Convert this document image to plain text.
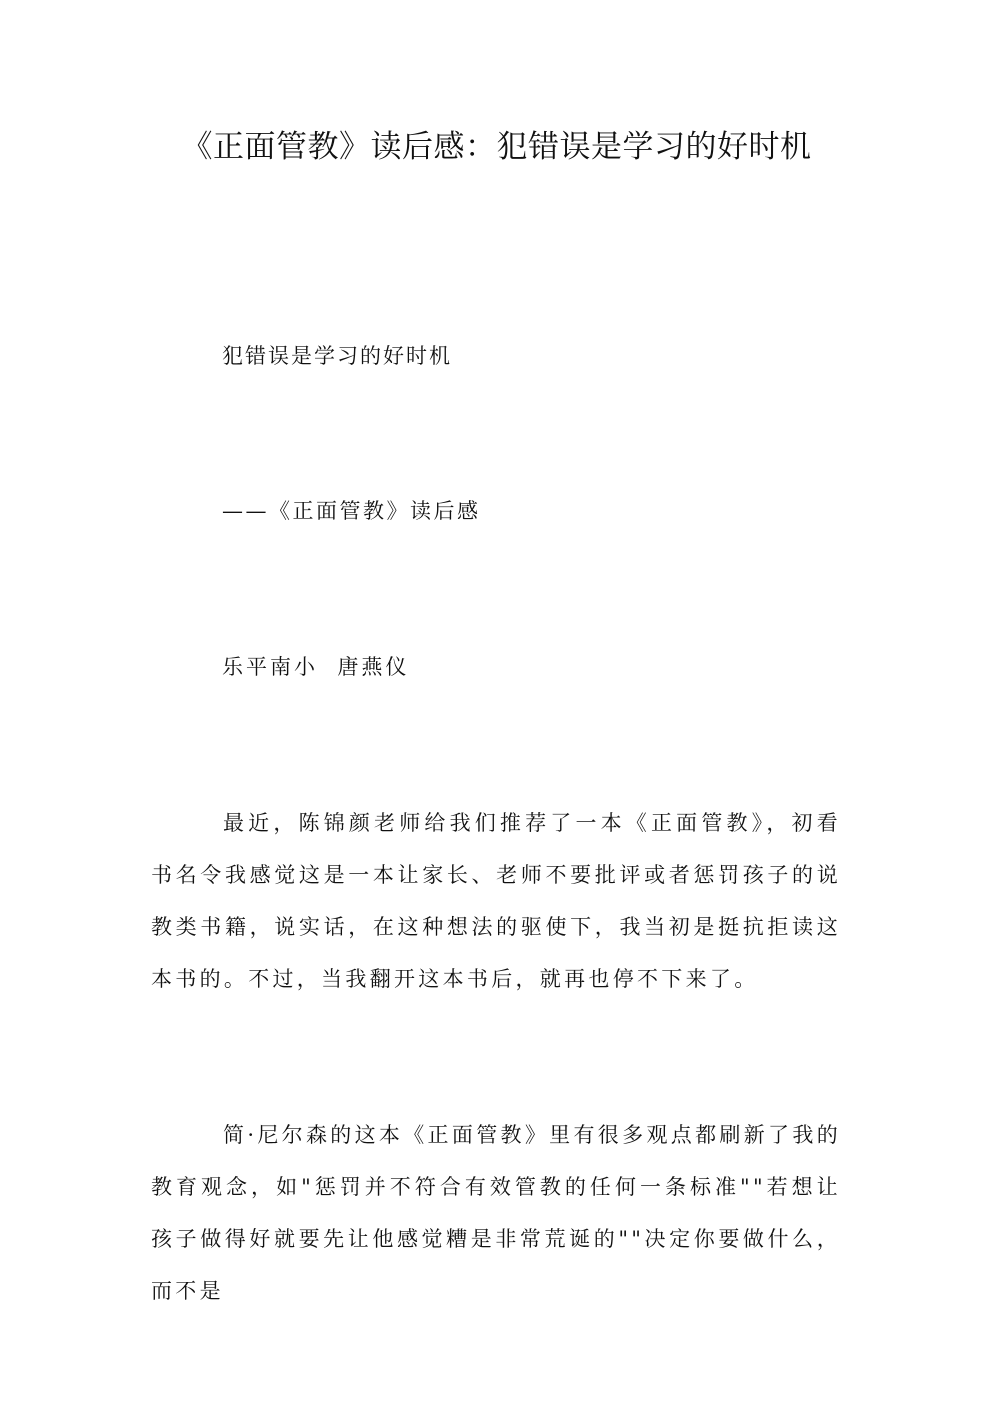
《正面管教》读后感：犯错误是学习的好时机
犯错误是学习的好时机
——《正面管教》读后感
乐平南小  唐燕仪
最近，陈锦颜老师给我们推荐了一本《正面管教》，初看书名令我感觉这是一本让家长、老师不要批评或者惩罚孩子的说教类书籍，说实话，在这种想法的驱使下，我当初是挺抗拒读这本书的。不过，当我翻开这本书后，就再也停不下来了。
简·尼尔森的这本《正面管教》里有很多观点都刷新了我的教育观念，如"惩罚并不符合有效管教的任何一条标准""若想让孩子做得好就要先让他感觉糟是非常荒诞的""决定你要做什么，而不是
